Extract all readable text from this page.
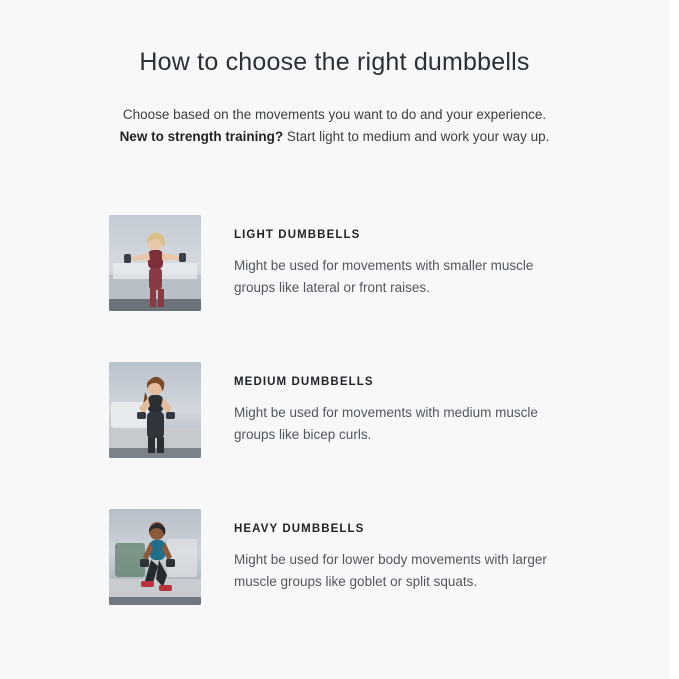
How to choose the right dumbbells
Choose based on the movements you want to do and your experience.
New to strength training? Start light to medium and work your way up.
LIGHT DUMBBELLS
Might be used for movements with smaller muscle groups like lateral or front raises.
MEDIUM DUMBBELLS
Might be used for movements with medium muscle groups like bicep curls.
HEAVY DUMBBELLS
Might be used for lower body movements with larger muscle groups like goblet or split squats.
